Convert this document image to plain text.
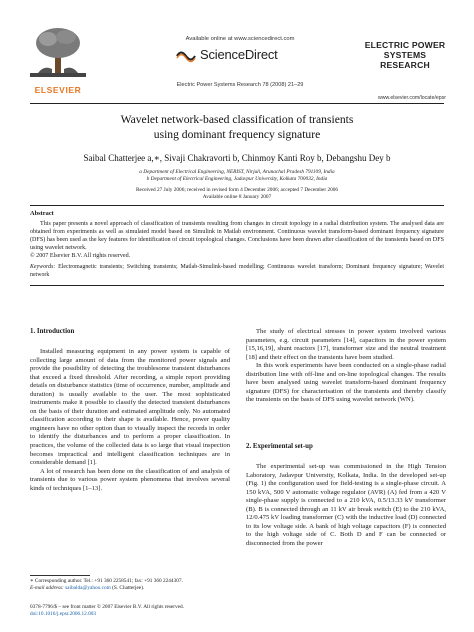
ELSEVIER
Available online at www.sciencedirect.com
ScienceDirect
Electric Power Systems Research 78 (2008) 21–29
ELECTRIC POWER
SYSTEMS RESEARCH
www.elsevier.com/locate/epsr
Wavelet network-based classification of transients
using dominant frequency signature
Saibal Chatterjee a,∗, Sivaji Chakravorti b, Chinmoy Kanti Roy b, Debangshu Dey b
a Department of Electrical Engineering, NERIST, Nirjuli, Arunachal Pradesh 791109, India
b Department of Electrical Engineering, Jadavpur University, Kolkata 700032, India
Received 27 July 2006; received in revised form 4 December 2006; accepted 7 December 2006
Available online 8 January 2007
Abstract
This paper presents a novel approach of classification of transients resulting from changes in circuit topology in a radial distribution system. The analysed data are obtained from experiments as well as simulated model based on Simulink in Matlab environment. Continuous wavelet transform-based dominant frequency signature (DFS) has been used as the key features for identification of circuit topological changes. Conclusions have been drawn after classification of the transients based on DFS using wavelet network.
© 2007 Elsevier B.V. All rights reserved.
Keywords: Electromagnetic transients; Switching transients; Matlab-Simulink-based modelling; Continuous wavelet transform; Dominant frequency signature; Wavelet network
1. Introduction

Installed measuring equipment in any power system is capable of collecting large amount of data from the monitored power signals and provide the possibility of detecting the troublesome transient disturbances that exceed a fixed threshold. After recording, a simple report providing details on disturbance statistics (time of occurrence, number, amplitude and duration) is usually available to the user. The most sophisticated instruments make it possible to classify the detected transient disturbances on the basis of their duration and estimated amplitude only. No automated classification according to their shape is available. Hence, power quality engineers have no other option than to visually inspect the records in order to identify the disturbances and to perform a proper classification. In practices, the volume of the collected data is so large that visual inspection becomes impractical and intelligent classification techniques are in considerable demand [1].

A lot of research has been done on the classification of and analysis of transients due to various power system phenomena that involves several kinds of techniques [1–13].

∗ Corresponding author. Tel.: +91 360 2258541; fax: +91 360 2244307.
E-mail address: saibalda@yahoo.com (S. Chatterjee).
0378-7796/$ – see front matter © 2007 Elsevier B.V. All rights reserved.
doi:10.1016/j.epsr.2006.12.003

The study of electrical stresses in power system involved various parameters, e.g. circuit parameters [14], capacitors in the power system [15,16,19], shunt reactors [17], transformer size and the neutral treatment [18] and their effect on the transients have been studied.

In this work experiments have been conducted on a single-phase radial distribution line with off-line and on-line topological changes. The results have been analysed using wavelet transform-based dominant frequency signature (DFS) for characterisation of the transients and thereby classify the transients on the basis of DFS using wavelet network (WN).

2. Experimental set-up

The experimental set-up was commissioned in the High Tension Laboratory, Jadavpur University, Kolkata, India. In the developed set-up (Fig. 1) the configuration used for field-testing is a single-phase circuit. A 150 kVA, 500 V automatic voltage regulator (AVR) (A) fed from a 420 V single-phase supply is connected to a 210 kVA, 0.5/13.33 kV transformer (B). B is connected through an 11 kV air break switch (E) to the 210 kVA, 12/0.475 kV loading transformer (C) with the inductive load (D) connected to its low voltage side. A bank of high voltage capacitors (F) is connected to the high voltage side of C. Both D and F can be connected or disconnected from the power
